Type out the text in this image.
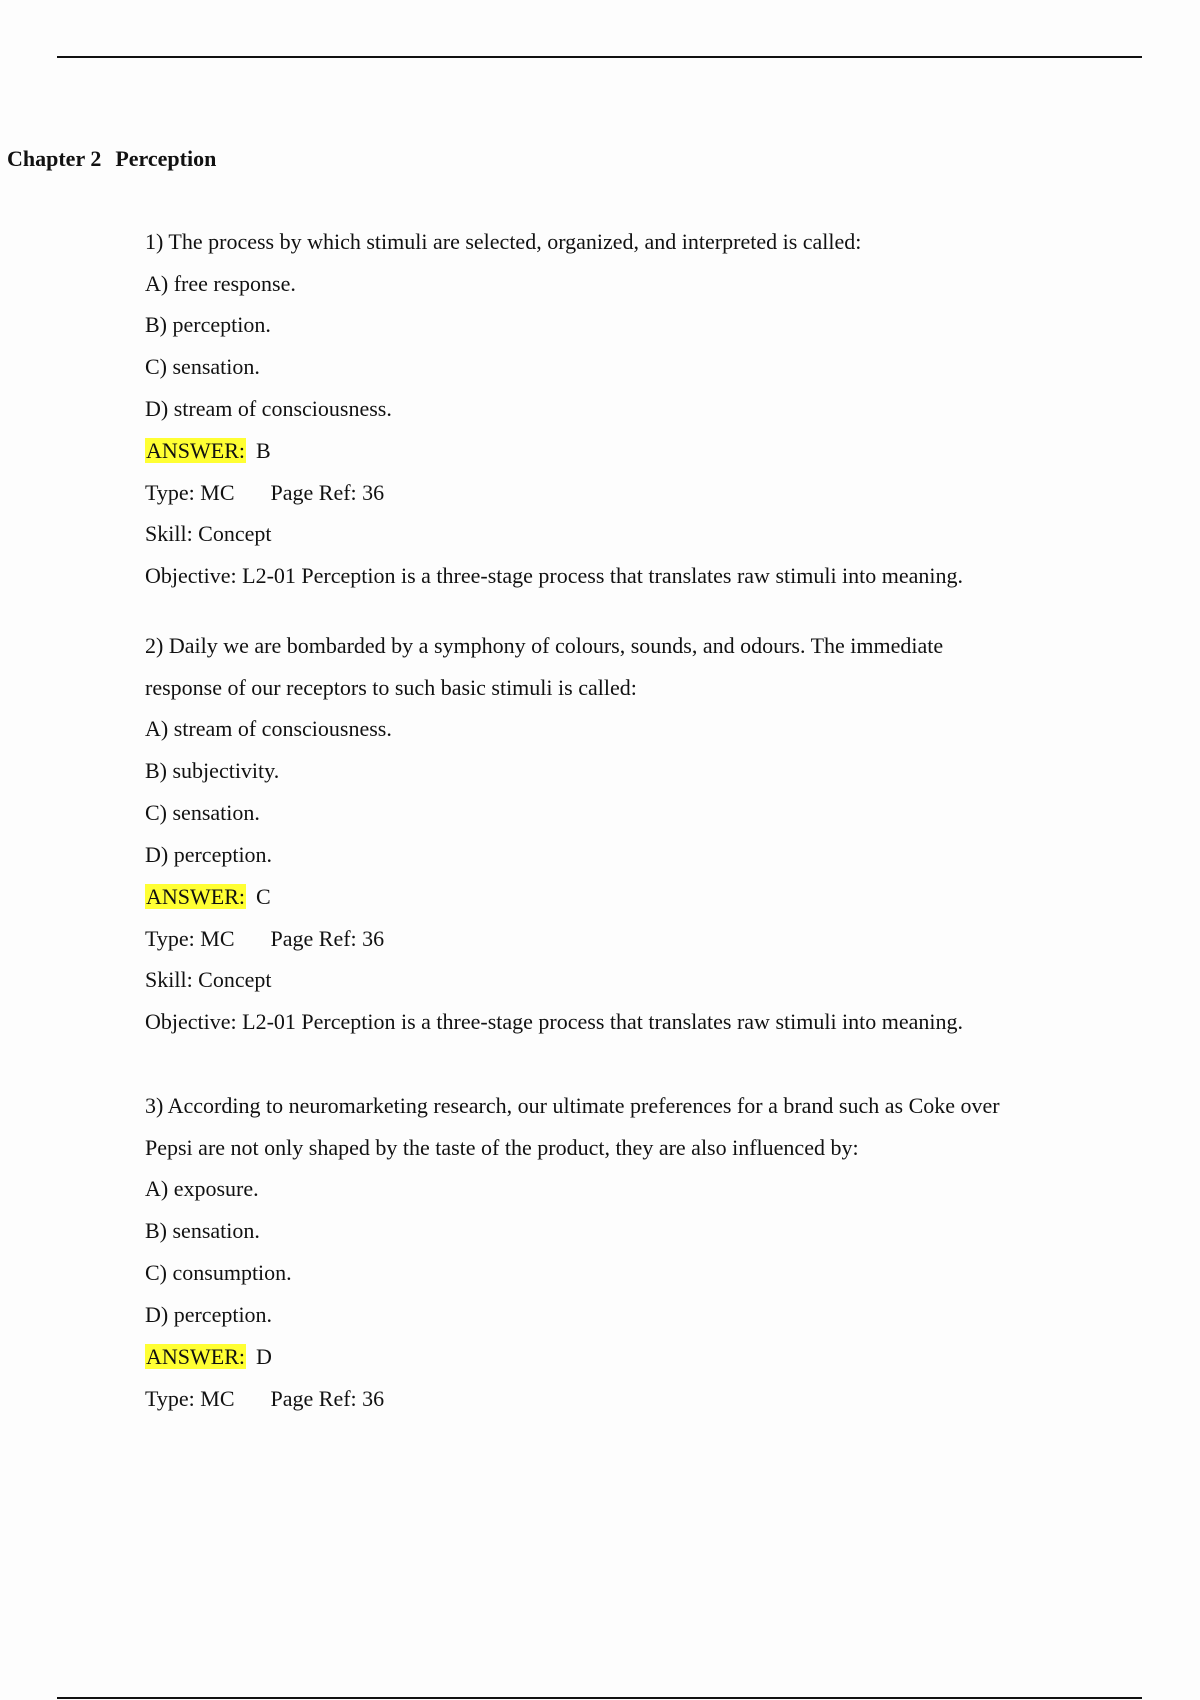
Chapter 2 Perception
1) The process by which stimuli are selected, organized, and interpreted is called:
A) free response.
B) perception.
C) sensation.
D) stream of consciousness.
ANSWER: B
Type: MC Page Ref: 36
Skill: Concept
Objective: L2-01 Perception is a three-stage process that translates raw stimuli into meaning.
2) Daily we are bombarded by a symphony of colours, sounds, and odours. The immediate
response of our receptors to such basic stimuli is called:
A) stream of consciousness.
B) subjectivity.
C) sensation.
D) perception.
ANSWER: C
Type: MC Page Ref: 36
Skill: Concept
Objective: L2-01 Perception is a three-stage process that translates raw stimuli into meaning.
3) According to neuromarketing research, our ultimate preferences for a brand such as Coke over
Pepsi are not only shaped by the taste of the product, they are also influenced by:
A) exposure.
B) sensation.
C) consumption.
D) perception.
ANSWER: D
Type: MC Page Ref: 36
